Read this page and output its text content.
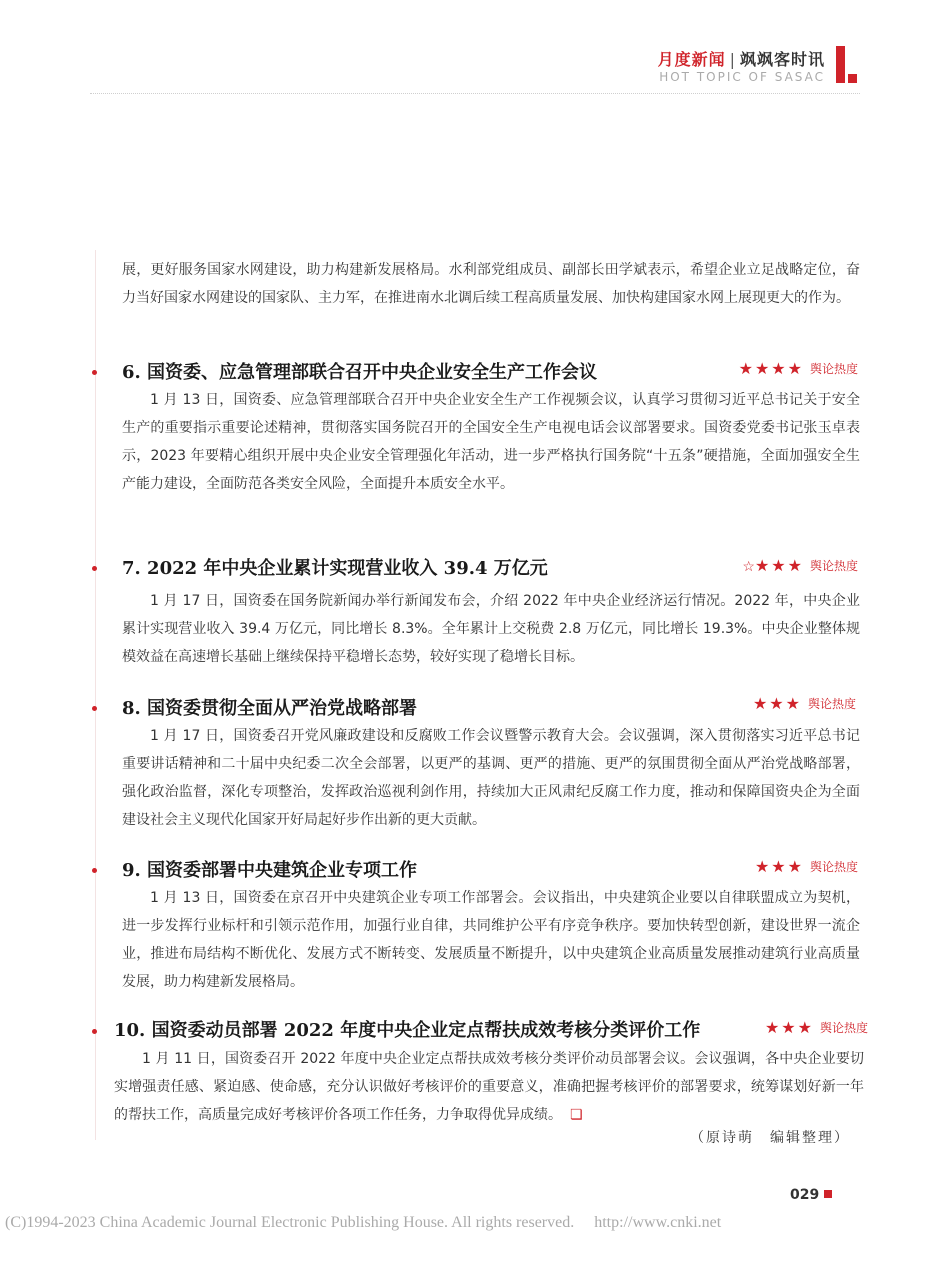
月度新闻 | 飒飒客时讯
HOT TOPIC OF SASAC

展，更好服务国家水网建设，助力构建新发展格局。水利部党组成员、副部长田学斌表示，希望企业立足战略定位，奋力当好国家水网建设的国家队、主力军，在推进南水北调后续工程高质量发展、加快构建国家水网上展现更大的作为。

6. 国资委、应急管理部联合召开中央企业安全生产工作会议	★★★★ 舆论热度

1 月 13 日，国资委、应急管理部联合召开中央企业安全生产工作视频会议，认真学习贯彻习近平总书记关于安全生产的重要指示重要论述精神，贯彻落实国务院召开的全国安全生产电视电话会议部署要求。国资委党委书记张玉卓表示，2023 年要精心组织开展中央企业安全管理强化年活动，进一步严格执行国务院“十五条”硬措施，全面加强安全生产能力建设，全面防范各类安全风险，全面提升本质安全水平。

7. 2022 年中央企业累计实现营业收入 39.4 万亿元	☆★★★ 舆论热度

1 月 17 日，国资委在国务院新闻办举行新闻发布会，介绍 2022 年中央企业经济运行情况。2022 年，中央企业累计实现营业收入 39.4 万亿元，同比增长 8.3%。全年累计上交税费 2.8 万亿元，同比增长 19.3%。中央企业整体规模效益在高速增长基础上继续保持平稳增长态势，较好实现了稳增长目标。

8. 国资委贯彻全面从严治党战略部署	★★★ 舆论热度

1 月 17 日，国资委召开党风廉政建设和反腐败工作会议暨警示教育大会。会议强调，深入贯彻落实习近平总书记重要讲话精神和二十届中央纪委二次全会部署，以更严的基调、更严的措施、更严的氛围贯彻全面从严治党战略部署，强化政治监督，深化专项整治，发挥政治巡视利剑作用，持续加大正风肃纪反腐工作力度，推动和保障国资央企为全面建设社会主义现代化国家开好局起好步作出新的更大贡献。

9. 国资委部署中央建筑企业专项工作	★★★ 舆论热度

1 月 13 日，国资委在京召开中央建筑企业专项工作部署会。会议指出，中央建筑企业要以自律联盟成立为契机，进一步发挥行业标杆和引领示范作用，加强行业自律，共同维护公平有序竞争秩序。要加快转型创新，建设世界一流企业，推进布局结构不断优化、发展方式不断转变、发展质量不断提升，以中央建筑企业高质量发展推动建筑行业高质量发展，助力构建新发展格局。

10. 国资委动员部署 2022 年度中央企业定点帮扶成效考核分类评价工作	★★★ 舆论热度
1 月 11 日，国资委召开 2022 年度中央企业定点帮扶成效考核分类评价动员部署会议。会议强调，各中央企业要切实增强责任感、紧迫感、使命感，充分认识做好考核评价的重要意义，准确把握考核评价的部署要求，统筹谋划好新一年的帮扶工作，高质量完成好考核评价各项工作任务，力争取得优异成绩。 ❏
（原诗萌　编辑整理）
029
(C)1994-2023 China Academic Journal Electronic Publishing House. All rights reserved. http://www.cnki.net
